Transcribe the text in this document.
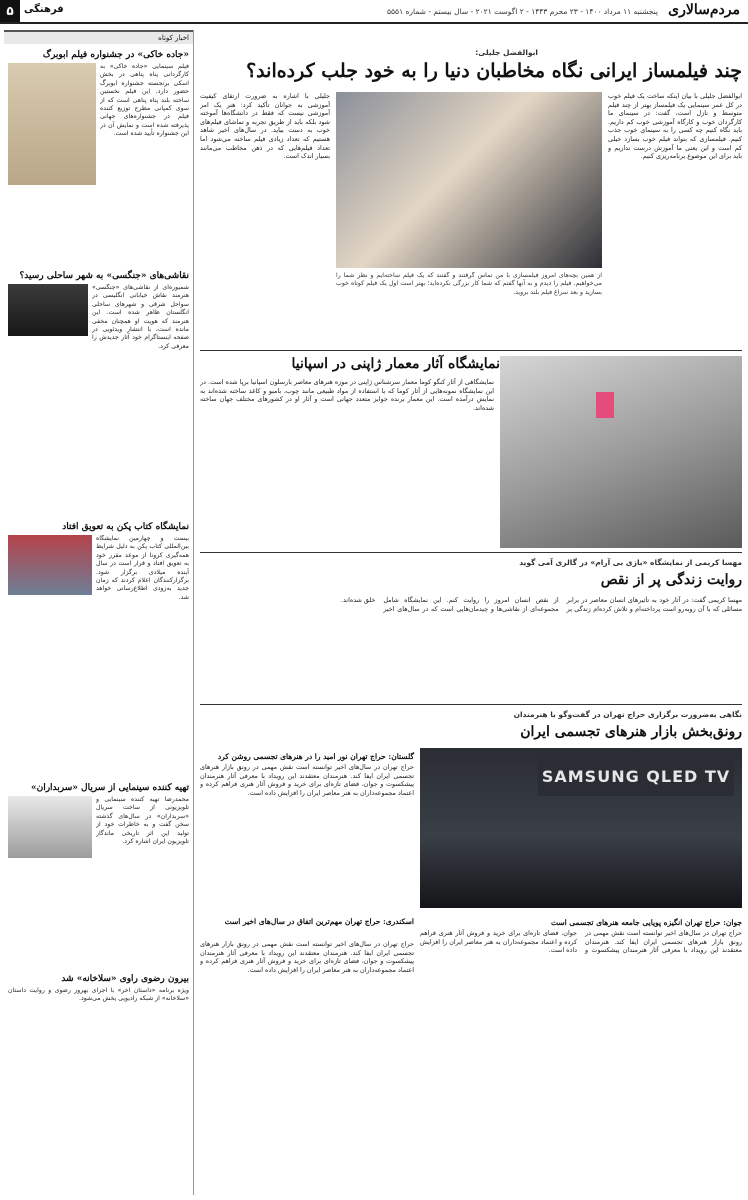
مردم‌سالاری
پنجشنبه ۱۱ مرداد ۱۴۰۰ - ۲۳ محرم ۱۴۴۳ - ۲ اگوست ۲۰۲۱ - سال بیستم - شماره ۵۵۵۱
۵	فرهنگی
اخبار کوتاه
«جاده خاکی» در جشنواره فیلم ابوبرگ
فیلم سینمایی «جاده خاکی» به کارگردانی پناه پناهی در بخش اسکی برنجسته جشنواره ابوبرگ حضور دارد. این فیلم نخستین ساخته بلند پناه پناهی است که از سوی کمپانی مطرح توزیع کننده فیلم در جشنواره‌های جهانی پذیرفته شده است و نمایش آن در این جشنواره تأیید شده است.
نقاشی‌های «جنگسی» به شهر ساحلی رسید؟
شمیوره‌ای از نقاشی‌های «جنگسی» هنرمند نقاش خیابانی انگلیسی در سواحل شرقی و شهرهای ساحلی انگلستان ظاهر شده است. این هنرمند که هویت او همچنان مخفی مانده است، با انتشار ویدئویی در صفحه اینستاگرام خود آثار جدیدش را معرفی کرد.
نمایشگاه کتاب پکن به تعویق افتاد
بیست و چهارمین نمایشگاه بین‌المللی کتاب پکن به دلیل شرایط همه‌گیری کرونا از موعد مقرر خود به تعویق افتاد و قرار است در سال آینده میلادی برگزار شود. برگزارکنندگان اعلام کردند که زمان جدید به‌زودی اطلاع‌رسانی خواهد شد.
تهیه کننده سینمایی از سریال «سربداران»
محمدرضا تهیه کننده سینمایی و تلویزیونی از ساخت سریال «سربداران» در سال‌های گذشته سخن گفت و به خاطرات خود از تولید این اثر تاریخی ماندگار تلویزیون ایران اشاره کرد.
بیرون رضوی راوی «سلاخانه» شد
ویژه برنامه «داستان آخر» با اجرای بهروز رضوی و روایت داستان «سلاخانه» از شبکه رادیویی پخش می‌شود.
ابوالفضل جلیلی:
چند فیلمساز ایرانی نگاه مخاطبان دنیا را به خود جلب کرده‌اند؟
ابوالفضل جلیلی با بیان اینکه ساخت یک فیلم خوب در کل عمر سینمایی یک فیلمساز بهتر از چند فیلم متوسط و نازل است، گفت: در سینمای ما کارگردان خوب و کارگاه آموزشی خوب کم داریم. باید نگاه کنیم چه کسی را به سینمای خوب جذب کنیم. فیلمسازی که بتواند فیلم خوب بسازد خیلی کم است و این یعنی ما آموزش درست نداریم و باید برای این موضوع برنامه‌ریزی کنیم.
از همین بچه‌های امروز فیلمسازی با من تماس گرفتند و گفتند که یک فیلم ساخته‌ایم و نظر شما را می‌خواهیم. فیلم را دیدم و به آنها گفتم که شما کار بزرگی نکرده‌اید؛ بهتر است اول یک فیلم کوتاه خوب بسازید و بعد سراغ فیلم بلند بروید.
جلیلی با اشاره به ضرورت ارتقای کیفیت آموزشی به جوانان تأکید کرد: هنر یک امر آموزشی نیست که فقط در دانشگاه‌ها آموخته شود بلکه باید از طریق تجربه و تماشای فیلم‌های خوب به دست بیاید. در سال‌های اخیر شاهد هستیم که تعداد زیادی فیلم ساخته می‌شود اما تعداد فیلم‌هایی که در ذهن مخاطب می‌مانند بسیار اندک است.
نمایشگاه آثار معمار ژاپنی در اسپانیا
نمایشگاهی از آثار کنگو کوما معمار سرشناس ژاپنی در موزه هنرهای معاصر بارسلون اسپانیا برپا شده است. در این نمایشگاه نمونه‌هایی از آثار کوما که با استفاده از مواد طبیعی مانند چوب، بامبو و کاغذ ساخته شده‌اند به نمایش درآمده است. این معمار برنده جوایز متعدد جهانی است و آثار او در کشورهای مختلف جهان ساخته شده‌اند.
مهسا کریمی از نمایشگاه «بازی بی آرام» در گالری آمی گوید
روایت زندگی پر از نقص
مهسا کریمی گفت: در آثار خود به تأثیرهای انسان معاصر در برابر مسائلی که با آن روبه‌رو است پرداخته‌ام و تلاش کرده‌ام زندگی پر از نقص انسان امروز را روایت کنم. این نمایشگاه شامل مجموعه‌ای از نقاشی‌ها و چیدمان‌هایی است که در سال‌های اخیر خلق شده‌اند.
نگاهی به‌ضرورت برگزاری حراج تهران در گفت‌وگو با هنرمندان
رونق‌بخش بازار هنرهای تجسمی ایران
SAMSUNG QLED TV
گلستان: حراج تهران نور امید را در هنرهای تجسمی روشن کرد
حراج تهران در سال‌های اخیر توانسته است نقش مهمی در رونق بازار هنرهای تجسمی ایران ایفا کند. هنرمندان معتقدند این رویداد با معرفی آثار هنرمندان پیشکسوت و جوان، فضای تازه‌ای برای خرید و فروش آثار هنری فراهم کرده و اعتماد مجموعه‌داران به هنر معاصر ایران را افزایش داده است.
اسکندری: حراج تهران مهم‌ترین اتفاق در سال‌های اخیر است	جوان: حراج تهران انگیزه پویایی جامعه هنرهای تجسمی است
حراج تهران در سال‌های اخیر توانسته است نقش مهمی در رونق بازار هنرهای تجسمی ایران ایفا کند. هنرمندان معتقدند این رویداد با معرفی آثار هنرمندان پیشکسوت و جوان، فضای تازه‌ای برای خرید و فروش آثار هنری فراهم کرده و اعتماد مجموعه‌داران به هنر معاصر ایران را افزایش داده است.
حراج تهران در سال‌های اخیر توانسته است نقش مهمی در رونق بازار هنرهای تجسمی ایران ایفا کند. هنرمندان معتقدند این رویداد با معرفی آثار هنرمندان پیشکسوت و جوان، فضای تازه‌ای برای خرید و فروش آثار هنری فراهم کرده و اعتماد مجموعه‌داران به هنر معاصر ایران را افزایش داده است.
